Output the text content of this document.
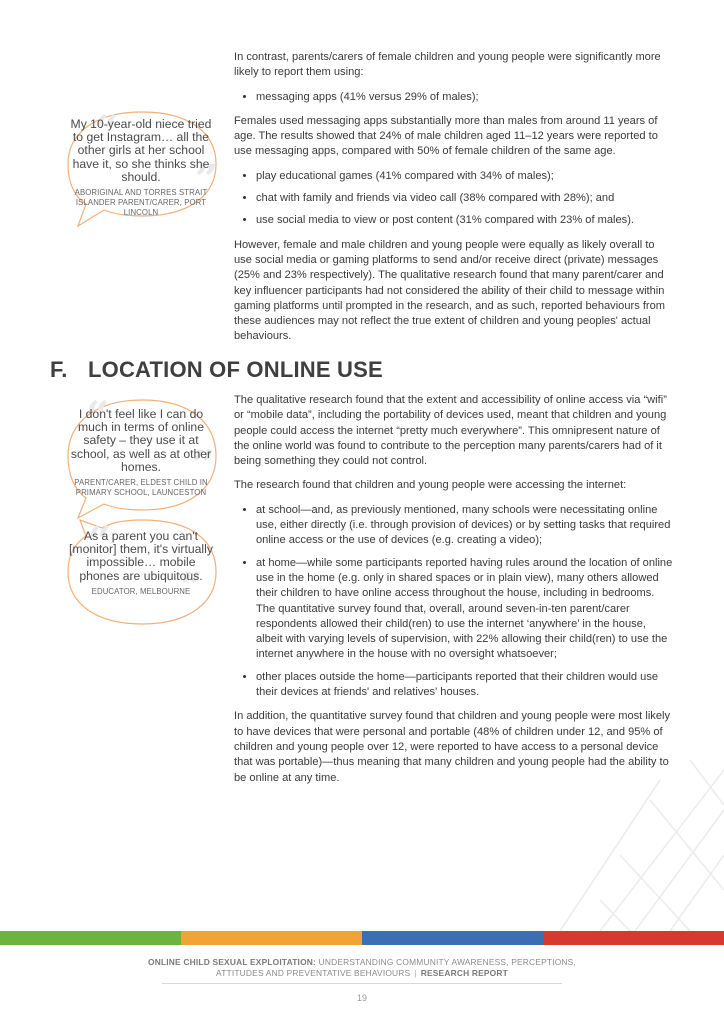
In contrast, parents/carers of female children and young people were significantly more likely to report them using:

• messaging apps (41% versus 29% of males);

Females used messaging apps substantially more than males from around 11 years of age. The results showed that 24% of male children aged 11–12 years were reported to use messaging apps, compared with 50% of female children of the same age.

• play educational games (41% compared with 34% of males);
• chat with family and friends via video call (38% compared with 28%); and
• use social media to view or post content (31% compared with 23% of males).

However, female and male children and young people were equally as likely overall to use social media or gaming platforms to send and/or receive direct (private) messages (25% and 23% respectively). The qualitative research found that many parent/carer and key influencer participants had not considered the ability of their child to message within gaming platforms until prompted in the research, and as such, reported behaviours from these audiences may not reflect the true extent of children and young peoples' actual behaviours.

F. LOCATION OF ONLINE USE

The qualitative research found that the extent and accessibility of online access via “wifi” or “mobile data”, including the portability of devices used, meant that children and young people could access the internet “pretty much everywhere”. This omnipresent nature of the online world was found to contribute to the perception many parents/carers had of it being something they could not control.

The research found that children and young people were accessing the internet:

• at school—and, as previously mentioned, many schools were necessitating online use, either directly (i.e. through provision of devices) or by setting tasks that required online access or the use of devices (e.g. creating a video);
• at home—while some participants reported having rules around the location of online use in the home (e.g. only in shared spaces or in plain view), many others allowed their children to have online access throughout the house, including in bedrooms. The quantitative survey found that, overall, around seven-in-ten parent/carer respondents allowed their child(ren) to use the internet ‘anywhere’ in the house, albeit with varying levels of supervision, with 22% allowing their child(ren) to use the internet anywhere in the house with no oversight whatsoever;
• other places outside the home—participants reported that their children would use their devices at friends' and relatives' houses.

In addition, the quantitative survey found that children and young people were most likely to have devices that were personal and portable (48% of children under 12, and 95% of children and young people over 12, were reported to have access to a personal device that was portable)—thus meaning that many children and young people had the ability to be online at any time.

“
”
My 10-year-old niece tried to get Instagram… all the other girls at her school have it, so she thinks she should.
ABORIGINAL AND TORRES STRAIT ISLANDER PARENT/CARER, PORT LINCOLN
“
”
I don't feel like I can do much in terms of online safety – they use it at school, as well as at other homes.
PARENT/CARER, ELDEST CHILD IN PRIMARY SCHOOL, LAUNCESTON
“
”
As a parent you can't [monitor] them, it's virtually impossible… mobile phones are ubiquitous.
EDUCATOR, MELBOURNE
ONLINE CHILD SEXUAL EXPLOITATION: UNDERSTANDING COMMUNITY AWARENESS, PERCEPTIONS,
ATTITUDES AND PREVENTATIVE BEHAVIOURS | RESEARCH REPORT
19
